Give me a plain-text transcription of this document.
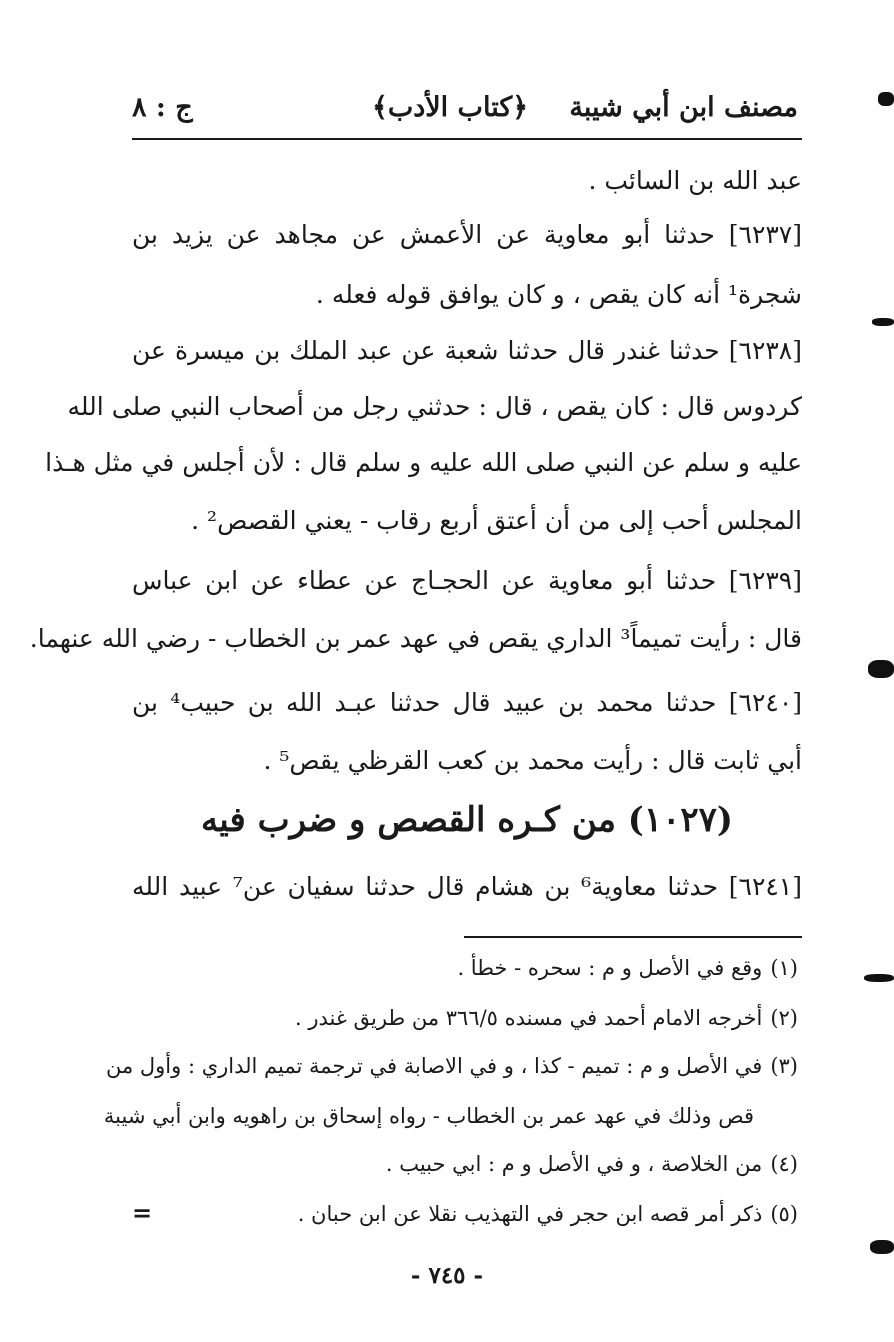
مصنف ابن أبي شيبة
﴿كتاب الأدب﴾
ج : ٨
عبد الله بن السائب .
[٦٢٣٧] حدثنا أبو معاوية عن الأعمش عن مجاهد عن يزيد بن
شجرة¹ أنه كان يقص ، و كان يوافق قوله فعله .
[٦٢٣٨] حدثنا غندر قال حدثنا شعبة عن عبد الملك بن ميسرة عن
كردوس قال : كان يقص ، قال : حدثني رجل من أصحاب النبي صلى الله
عليه و سلم عن النبي صلى الله عليه و سلم قال : لأن أجلس في مثل هـذا
المجلس أحب إلى من أن أعتق أربع رقاب - يعني القصص² .
[٦٢٣٩] حدثنا أبو معاوية عن الحجـاج عن عطاء عن ابن عباس
قال : رأيت تميماً³ الداري يقص في عهد عمر بن الخطاب - رضي الله عنهما.
[٦٢٤٠] حدثنا محمد بن عبيد قال حدثنا عبـد الله بن حبيب⁴ بن
أبي ثابت قال : رأيت محمد بن كعب القرظي يقص⁵ .
(١٠٢٧) من كـره القصص و ضرب فيه
[٦٢٤١] حدثنا معاوية⁶ بن هشام قال حدثنا سفيان عن⁷ عبيد الله
(١)وقع في الأصل و م : سحره - خطأ .
(٢)أخرجه الامام أحمد في مسنده ٣٦٦/٥ من طريق غندر .
(٣)في الأصل و م : تميم - كذا ، و في الاصابة في ترجمة تميم الداري : وأول من
قص وذلك في عهد عمر بن الخطاب - رواه إسحاق بن راهويه وابن أبي شيبة
(٤)من الخلاصة ، و في الأصل و م : ابي حبيب .
(٥)ذكر أمر قصه ابن حجر في التهذيب نقلا عن ابن حبان .
=
- ٧٤٥ -
